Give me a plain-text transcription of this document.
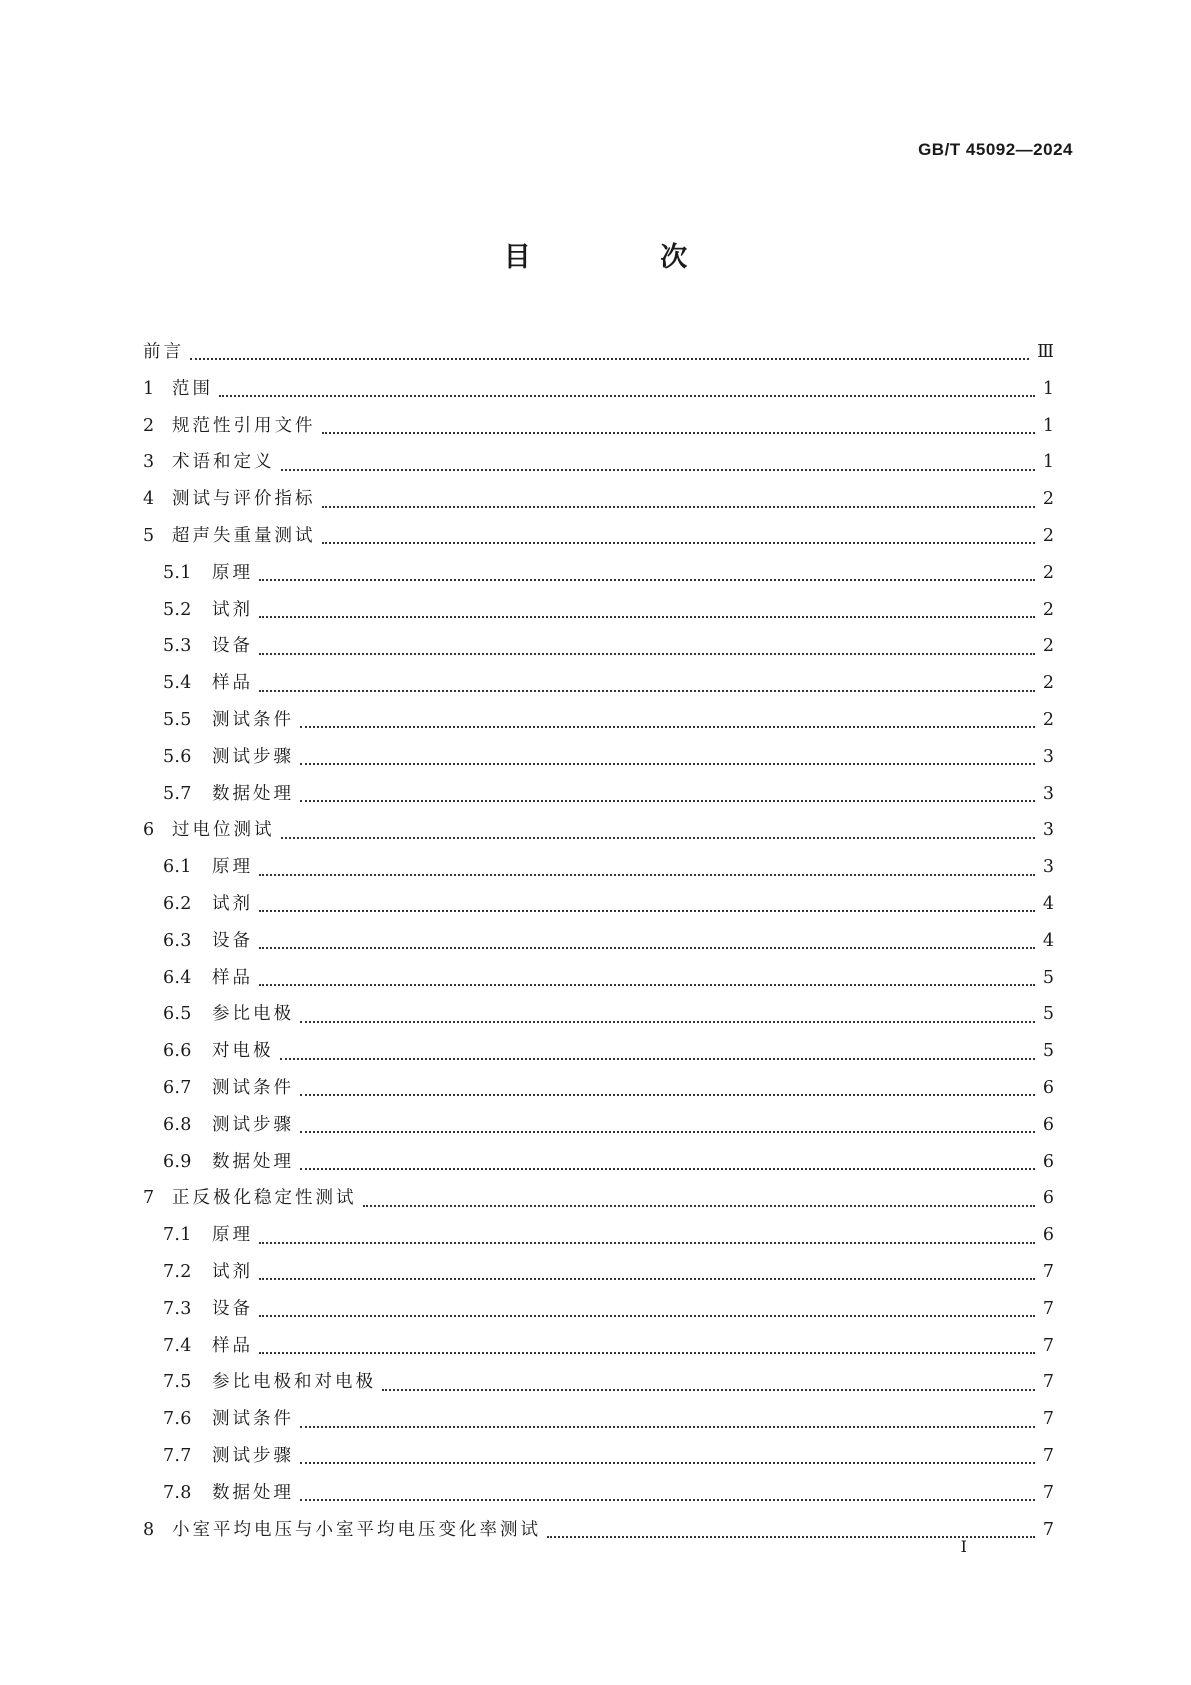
GB/T 45092—2024
目 次
前言	Ⅲ
1	范围	1
2	规范性引用文件	1
3	术语和定义	1
4	测试与评价指标	2
5	超声失重量测试	2
5.1	原理	2
5.2	试剂	2
5.3	设备	2
5.4	样品	2
5.5	测试条件	2
5.6	测试步骤	3
5.7	数据处理	3
6	过电位测试	3
6.1	原理	3
6.2	试剂	4
6.3	设备	4
6.4	样品	5
6.5	参比电极	5
6.6	对电极	5
6.7	测试条件	6
6.8	测试步骤	6
6.9	数据处理	6
7	正反极化稳定性测试	6
7.1	原理	6
7.2	试剂	7
7.3	设备	7
7.4	样品	7
7.5	参比电极和对电极	7
7.6	测试条件	7
7.7	测试步骤	7
7.8	数据处理	7
8	小室平均电压与小室平均电压变化率测试	7
I
